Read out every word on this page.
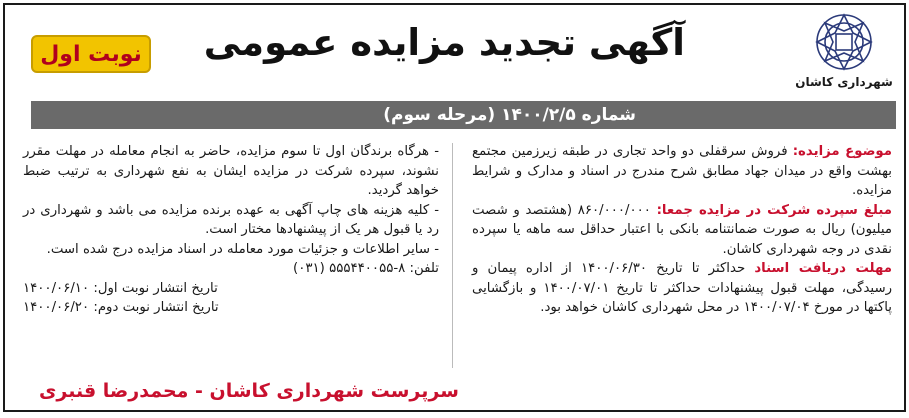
شهرداری کاشان
آگهی تجدید مزایده عمومی
نوبت اول
شماره ۱۴۰۰/۲/۵ (مرحله سوم)

موضوع مزایده: فروش سرقفلی دو واحد تجاری در طبقه زیرزمین مجتمع بهشت واقع در میدان جهاد مطابق شرح مندرج در اسناد و مدارک و شرایط مزایده.

مبلغ سپرده شرکت در مزایده جمعا: ۸۶۰/۰۰۰/۰۰۰ (هشتصد و شصت میلیون) ریال به صورت ضمانتنامه بانکی با اعتبار حداقل سه ماهه یا سپرده نقدی در وجه شهرداری کاشان.

مهلت دریافت اسناد حداکثر تا تاریخ ۱۴۰۰/۰۶/۳۰ از اداره پیمان و رسیدگی، مهلت قبول پیشنهادات حداکثر تا تاریخ ۱۴۰۰/۰۷/۰۱ و بازگشایی پاکتها در مورخ ۱۴۰۰/۰۷/۰۴ در محل شهرداری کاشان خواهد بود.

- هرگاه برندگان اول تا سوم مزایده، حاضر به انجام معامله در مهلت مقرر نشوند، سپرده شرکت در مزایده ایشان به نفع شهرداری به ترتیب ضبط خواهد گردید.

- کلیه هزینه های چاپ آگهی به عهده برنده مزایده می باشد و شهرداری در رد یا قبول هر یک از پیشنهادها مختار است.

- سایر اطلاعات و جزئیات مورد معامله در اسناد مزایده درج شده است.

تلفن: ۸-۵۵۵۴۴۰۰۵۵ (۰۳۱)

تاریخ انتشار نوبت اول: ۱۴۰۰/۰۶/۱۰

تاریخ انتشار نوبت دوم: ۱۴۰۰/۰۶/۲۰

سرپرست شهرداری کاشان - محمدرضا قنبری
